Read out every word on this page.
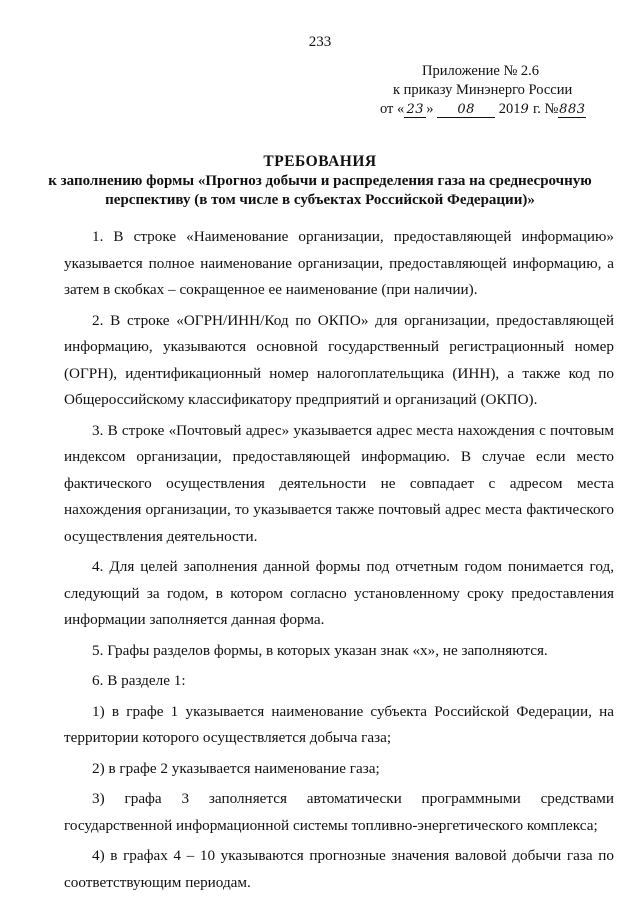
233
Приложение № 2.6
к приказу Минэнерго России
от « 23 » 08 2019 г. №883
ТРЕБОВАНИЯ
к заполнению формы «Прогноз добычи и распределения газа на среднесрочную
перспективу (в том числе в субъектах Российской Федерации)»

1. В строке «Наименование организации, предоставляющей информацию» указывается полное наименование организации, предоставляющей информацию, а затем в скобках – сокращенное ее наименование (при наличии).

2. В строке «ОГРН/ИНН/Код по ОКПО» для организации, предоставляющей информацию, указываются основной государственный регистрационный номер (ОГРН), идентификационный номер налогоплательщика (ИНН), а также код по Общероссийскому классификатору предприятий и организаций (ОКПО).

3. В строке «Почтовый адрес» указывается адрес места нахождения с почтовым индексом организации, предоставляющей информацию. В случае если место фактического осуществления деятельности не совпадает с адресом места нахождения организации, то указывается также почтовый адрес места фактического осуществления деятельности.

4. Для целей заполнения данной формы под отчетным годом понимается год, следующий за годом, в котором согласно установленному сроку предоставления информации заполняется данная форма.

5. Графы разделов формы, в которых указан знак «х», не заполняются.

6. В разделе 1:

1) в графе 1 указывается наименование субъекта Российской Федерации, на территории которого осуществляется добыча газа;

2) в графе 2 указывается наименование газа;

3) графа 3 заполняется автоматически программными средствами государственной информационной системы топливно-энергетического комплекса;

4) в графах 4 – 10 указываются прогнозные значения валовой добычи газа по соответствующим периодам.
